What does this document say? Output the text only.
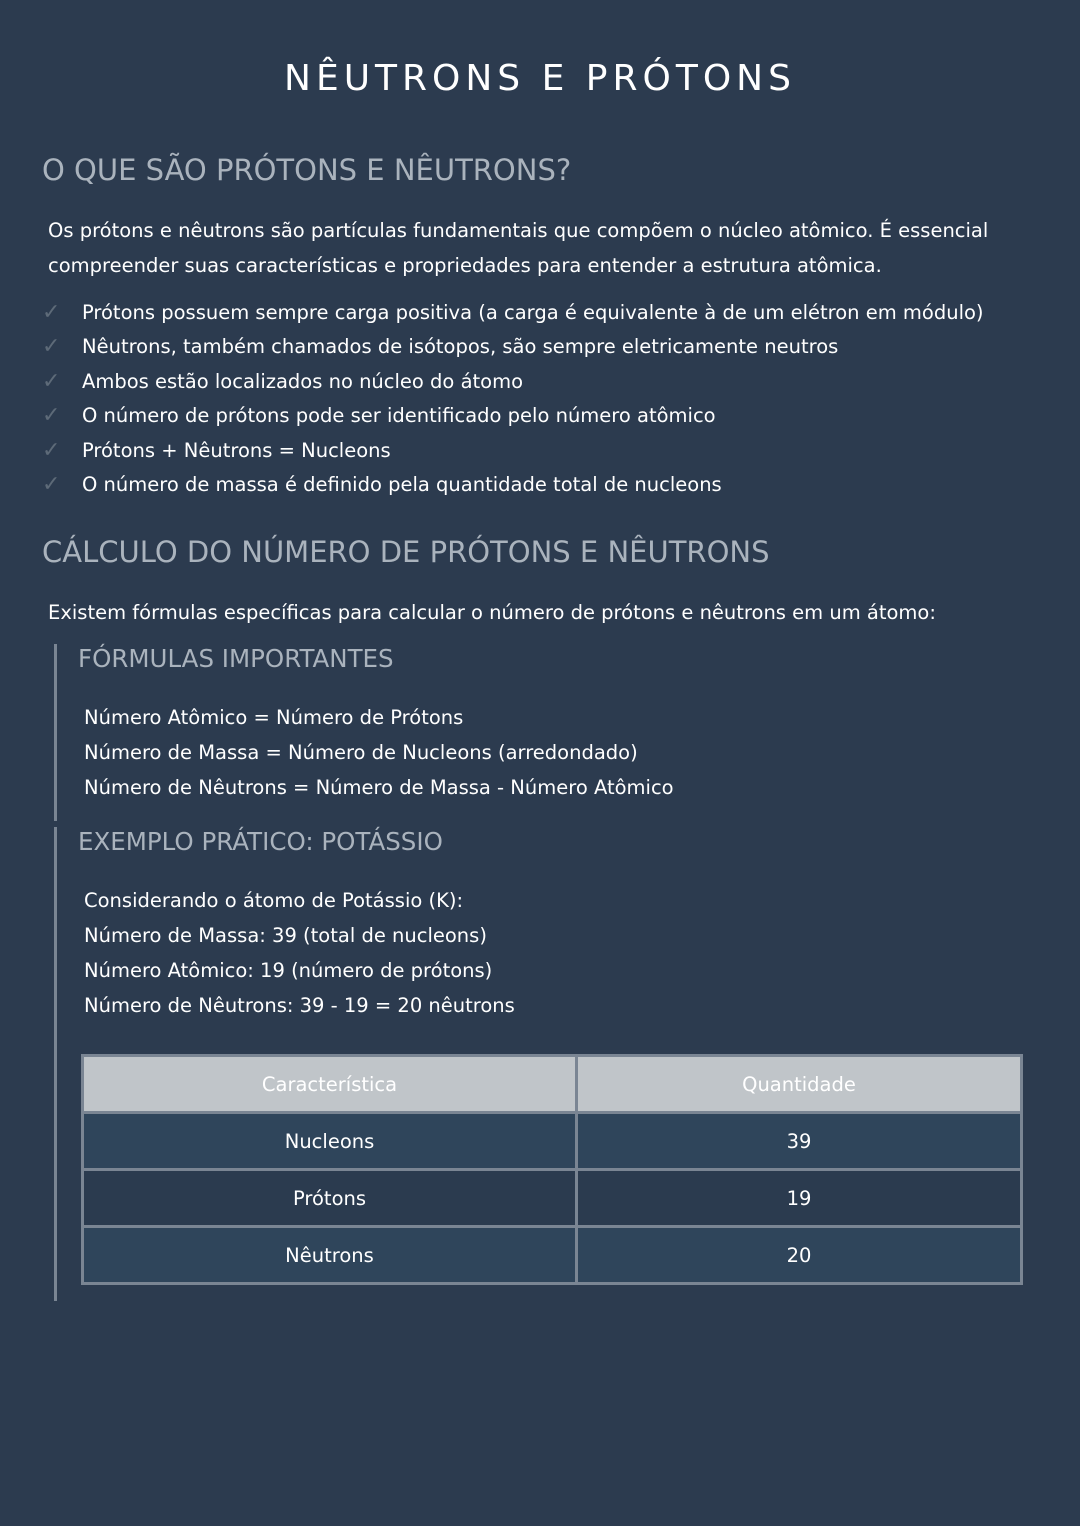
NÊUTRONS E PRÓTONS
O QUE SÃO PRÓTONS E NÊUTRONS?

Os prótons e nêutrons são partículas fundamentais que compõem o núcleo atômico. É essencial compreender suas características e propriedades para entender a estrutura atômica.

✓	Prótons possuem sempre carga positiva (a carga é equivalente à de um elétron em módulo)
✓	Nêutrons, também chamados de isótopos, são sempre eletricamente neutros
✓	Ambos estão localizados no núcleo do átomo
✓	O número de prótons pode ser identificado pelo número atômico
✓	Prótons + Nêutrons = Nucleons
✓	O número de massa é definido pela quantidade total de nucleons
CÁLCULO DO NÚMERO DE PRÓTONS E NÊUTRONS

Existem fórmulas específicas para calcular o número de prótons e nêutrons em um átomo:

FÓRMULAS IMPORTANTES
Número Atômico = Número de Prótons
Número de Massa = Número de Nucleons (arredondado)
Número de Nêutrons = Número de Massa - Número Atômico
EXEMPLO PRÁTICO: POTÁSSIO
Considerando o átomo de Potássio (K):
Número de Massa: 39 (total de nucleons)
Número Atômico: 19 (número de prótons)
Número de Nêutrons: 39 - 19 = 20 nêutrons
Característica	Quantidade
Nucleons	39
Prótons	19
Nêutrons	20
